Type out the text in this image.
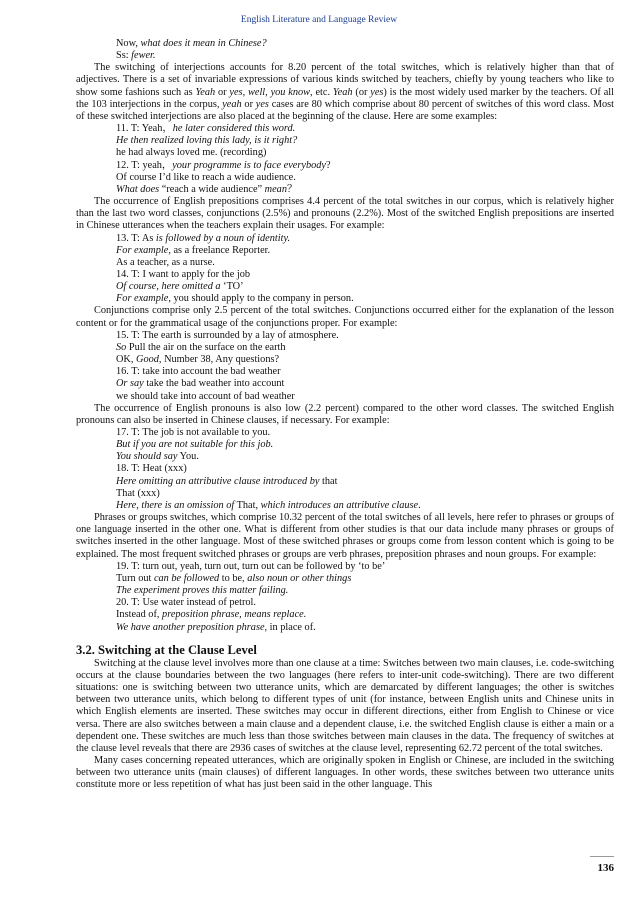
English Literature and Language Review
Now, what does it mean in Chinese?
Ss: fewer.
The switching of interjections accounts for 8.20 percent of the total switches, which is relatively higher than that of adjectives. There is a set of invariable expressions of various kinds switched by teachers, chiefly by young teachers who like to show some fashions such as Yeah or yes, well, you know, etc. Yeah (or yes) is the most widely used marker by the teachers. Of all the 103 interjections in the corpus, yeah or yes cases are 80 which comprise about 80 percent of switches of this word class. Most of these switched interjections are also placed at the beginning of the clause. Here are some examples:
11. T: Yeah，he later considered this word.
He then realized loving this lady, is it right?
he had always loved me. (recording)
12. T: yeah，your programme is to face everybody?
Of course I’d like to reach a wide audience.
What does “reach a wide audience” mean？
The occurrence of English prepositions comprises 4.4 percent of the total switches in our corpus, which is relatively higher than the last two word classes, conjunctions (2.5%) and pronouns (2.2%). Most of the switched English prepositions are inserted in Chinese utterances when the teachers explain their usages. For example:
13. T: As is followed by a noun of identity.
For example, as a freelance Reporter.
As a teacher, as a nurse.
14. T: I want to apply for the job
Of course, here omitted a ‘TO’
For example, you should apply to the company in person.
Conjunctions comprise only 2.5 percent of the total switches. Conjunctions occurred either for the explanation of the lesson content or for the grammatical usage of the conjunctions proper. For example:
15. T: The earth is surrounded by a lay of atmosphere.
So Pull the air on the surface on the earth
OK, Good, Number 38, Any questions?
16. T: take into account the bad weather
Or say take the bad weather into account
we should take into account of bad weather
The occurrence of English pronouns is also low (2.2 percent) compared to the other word classes. The switched English pronouns can also be inserted in Chinese clauses, if necessary. For example:
17. T: The job is not available to you.
But if you are not suitable for this job.
You should say You.
18. T: Heat (xxx)
Here omitting an attributive clause introduced by that
That (xxx)
Here, there is an omission of That, which introduces an attributive clause.
Phrases or groups switches, which comprise 10.32 percent of the total switches of all levels, here refer to phrases or groups of one language inserted in the other one. What is different from other studies is that our data include many phrases or groups of switches inserted in the other language. Most of these switched phrases or groups come from lesson content which is going to be explained. The most frequent switched phrases or groups are verb phrases, preposition phrases and noun groups. For example:
19. T: turn out, yeah, turn out, turn out can be followed by ‘to be’
Turn out can be followed to be, also noun or other things
The experiment proves this matter failing.
20. T: Use water instead of petrol.
Instead of, preposition phrase, means replace.
We have another preposition phrase, in place of.
3.2. Switching at the Clause Level
Switching at the clause level involves more than one clause at a time: Switches between two main clauses, i.e. code-switching occurs at the clause boundaries between the two languages (here refers to inter-unit code-switching). There are two different situations: one is switching between two utterance units, which are demarcated by different languages; the other is switches between two utterance units, which belong to different types of unit (for instance, between English units and Chinese units in which English elements are inserted. These switches may occur in different directions, either from English to Chinese or vice versa. There are also switches between a main clause and a dependent clause, i.e. the switched English clause is either a main or a dependent one. These switches are much less than those switches between main clauses in the data. The frequency of switches at the clause level reveals that there are 2936 cases of switches at the clause level, representing 62.72 percent of the total switches.
Many cases concerning repeated utterances, which are originally spoken in English or Chinese, are included in the switching between two utterance units (main clauses) of different languages. In other words, these switches between two utterance units constitute more or less repetition of what has just been said in the other language. This
136
